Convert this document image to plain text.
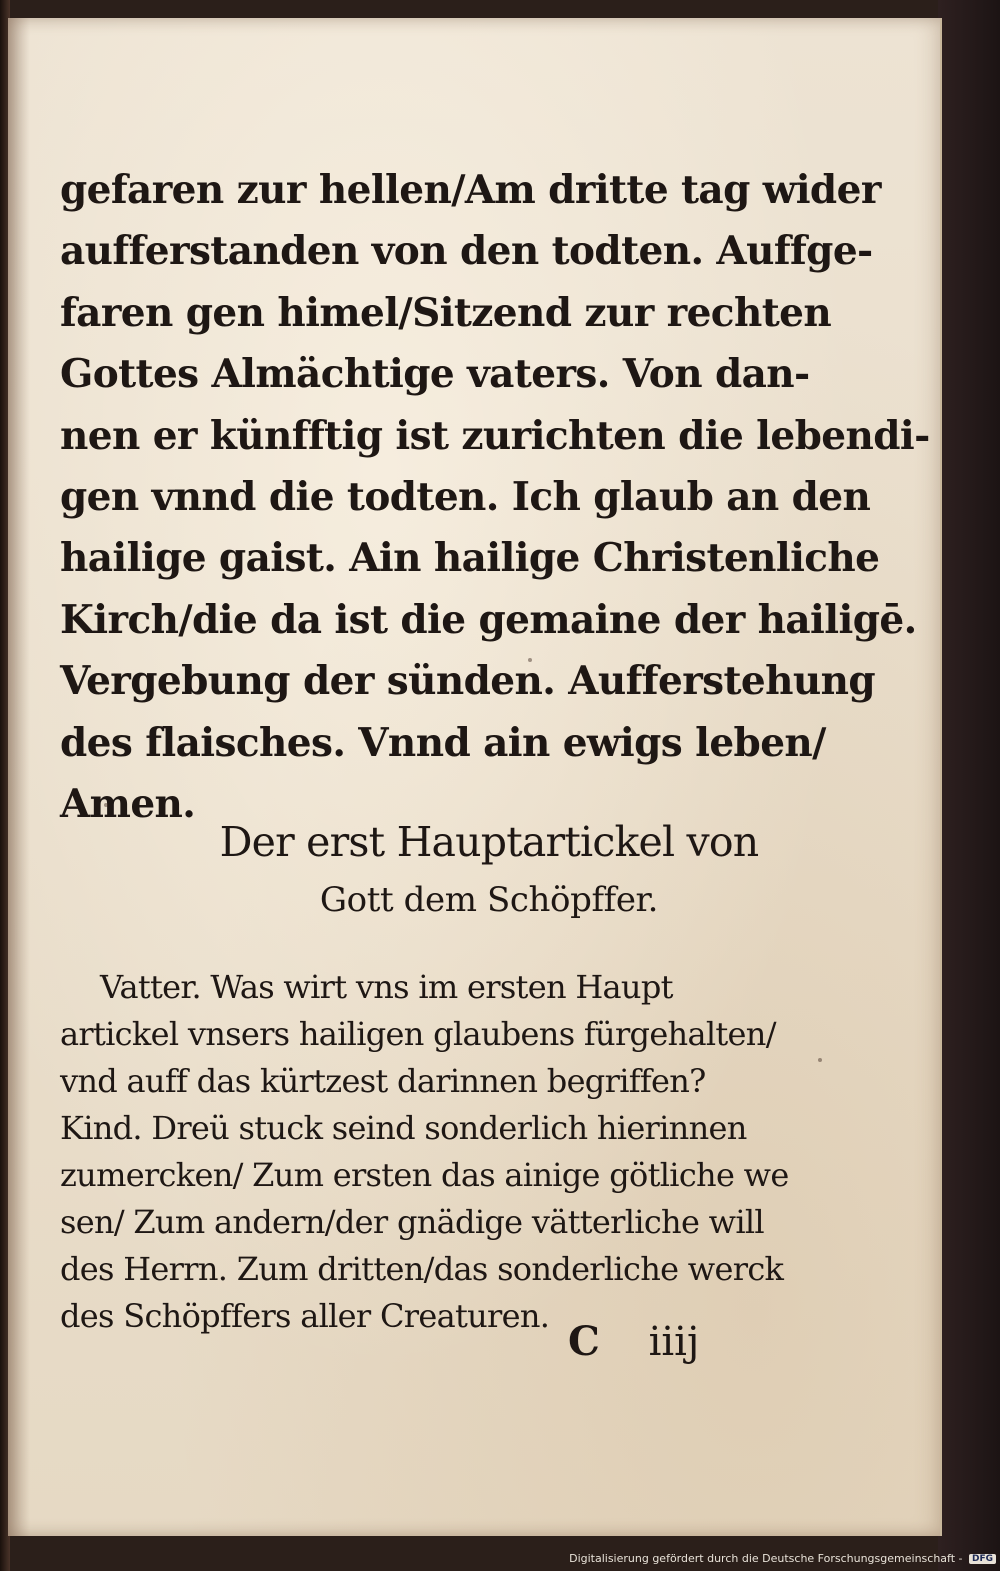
gefaren zur hellen/Am dritte tag wider
aufferstanden von den todten. Auffge-
faren gen himel/Sitzend zur rechten
Gottes Almächtige vaters. Von dan-
nen er künfftig ist zurichten die lebendi-
gen vnnd die todten. Ich glaub an den
hailige gaist. Ain hailige Christenliche
Kirch/die da ist die gemaine der hailigē.
Vergebung der sünden. Aufferstehung
des flaisches. Vnnd ain ewigs leben/
Amen.
Der erst Hauptartickel von
Gott dem Schöpffer.
Vatter. Was wirt vns im ersten Haupt
artickel vnsers hailigen glaubens fürgehalten/
vnd auff das kürtzest darinnen begriffen?
Kind. Dreü stuck seind sonderlich hierinnen
zumercken/ Zum ersten das ainige götliche we
sen/ Zum andern/der gnädige vätterliche will
des Herrn. Zum dritten/das sonderliche werck
des Schöpffers aller Creaturen.
C iiij
Digitalisierung gefördert durch die Deutsche Forschungsgemeinschaft - DFG
